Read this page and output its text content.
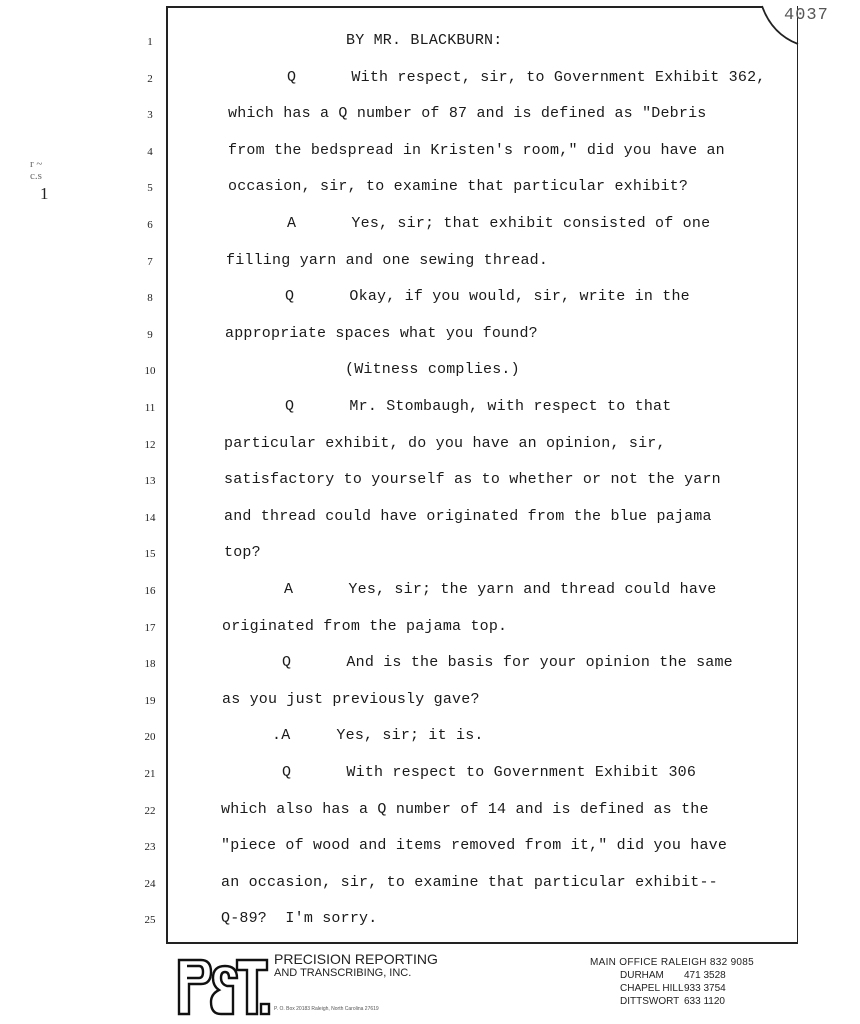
4037
r ~
c.s
1
1	BY MR. BLACKBURN:
2	Q      With respect, sir, to Government Exhibit 362,
3	which has a Q number of 87 and is defined as "Debris
4	from the bedspread in Kristen's room," did you have an
5	occasion, sir, to examine that particular exhibit?
6	A      Yes, sir; that exhibit consisted of one
7	filling yarn and one sewing thread.
8	Q      Okay, if you would, sir, write in the
9	appropriate spaces what you found?
10	(Witness complies.)
11	Q      Mr. Stombaugh, with respect to that
12	particular exhibit, do you have an opinion, sir,
13	satisfactory to yourself as to whether or not the yarn
14	and thread could have originated from the blue pajama
15	top?
16	A      Yes, sir; the yarn and thread could have
17	originated from the pajama top.
18	Q      And is the basis for your opinion the same
19	as you just previously gave?
20	.A     Yes, sir; it is.
21	Q      With respect to Government Exhibit 306
22	which also has a Q number of 14 and is defined as the
23	"piece of wood and items removed from it," did you have
24	an occasion, sir, to examine that particular exhibit--
25	Q-89?  I'm sorry.
PRECISION REPORTING
AND TRANSCRIBING, INC.
P. O. Box 20183 Raleigh, North Carolina 27619
MAIN OFFICE RALEIGH 832 9085
DURHAM 471 3528
CHAPEL HILL933 3754
DITTSWORT 633 1120
